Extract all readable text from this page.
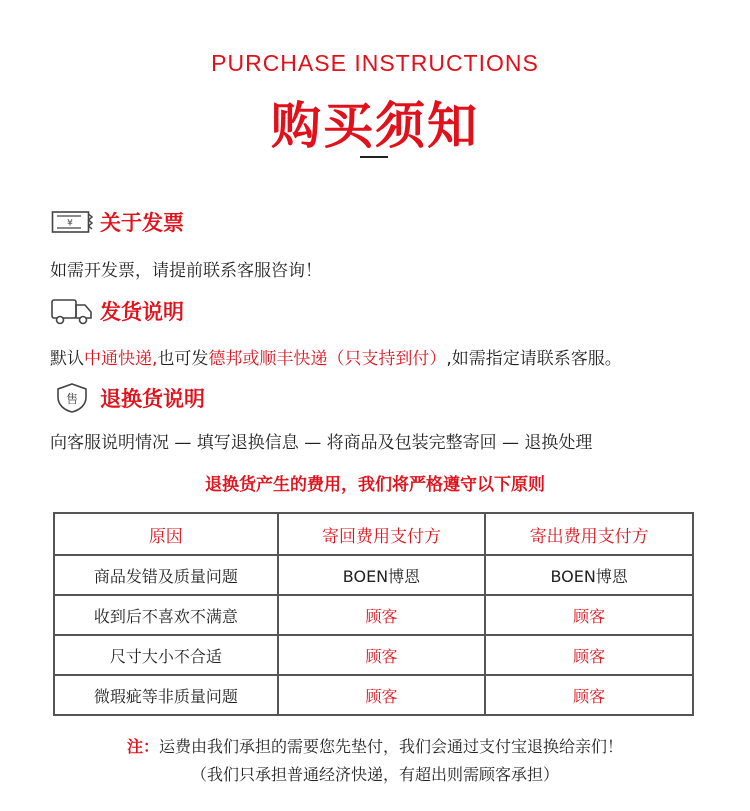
PURCHASE INSTRUCTIONS
购买须知
¥ 关于发票
如需开发票，请提前联系客服咨询！
发货说明
默认中通快递,也可发德邦或顺丰快递（只支持到付）,如需指定请联系客服。
售 退换货说明
向客服说明情况 — 填写退换信息 — 将商品及包装完整寄回 — 退换处理
退换货产生的费用，我们将严格遵守以下原则
原因	寄回费用支付方	寄出费用支付方
商品发错及质量问题	BOEN博恩	BOEN博恩
收到后不喜欢不满意	顾客	顾客
尺寸大小不合适	顾客	顾客
微瑕疵等非质量问题	顾客	顾客
注：运费由我们承担的需要您先垫付，我们会通过支付宝退换给亲们！
（我们只承担普通经济快递，有超出则需顾客承担）
